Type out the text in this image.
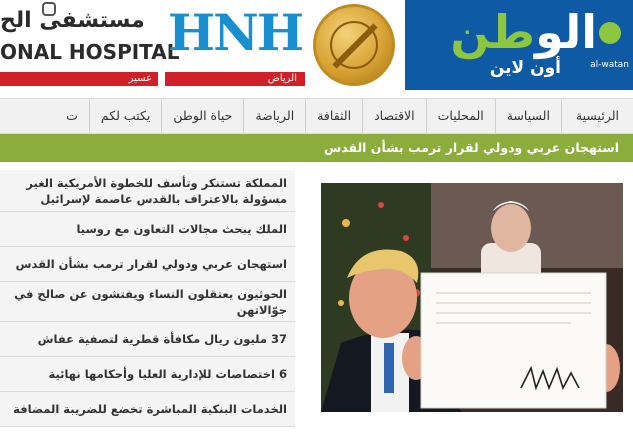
مستشفى الح
ONAL HOSPITAL
عسير
HNH
الرياض
الوطن
أون لاين	al-watan
الرئيسية
السياسة
المحليات
الاقتصاد
الثقافة
الرياضة
حياة الوطن
يكتب لكم
ت
استهجان عربي ودولي لقرار ترمب بشأن القدس
المملكة تستنكر وتأسف للخطوة الأمريكية الغير مسؤولة بالاعتراف بالقدس عاصمة لإسرائيل
الملك يبحث مجالات التعاون مع روسيا
استهجان عربي ودولي لقرار ترمب بشأن القدس
الحوثيون يعتقلون النساء ويفتشون عن صالح في جوّالاتهن
37 مليون ريال مكافأة قطرية لتصفية عفاش
6 اختصاصات للإدارية العليا وأحكامها نهائية
الخدمات البنكية المباشرة تخضع للضريبة المضافة
